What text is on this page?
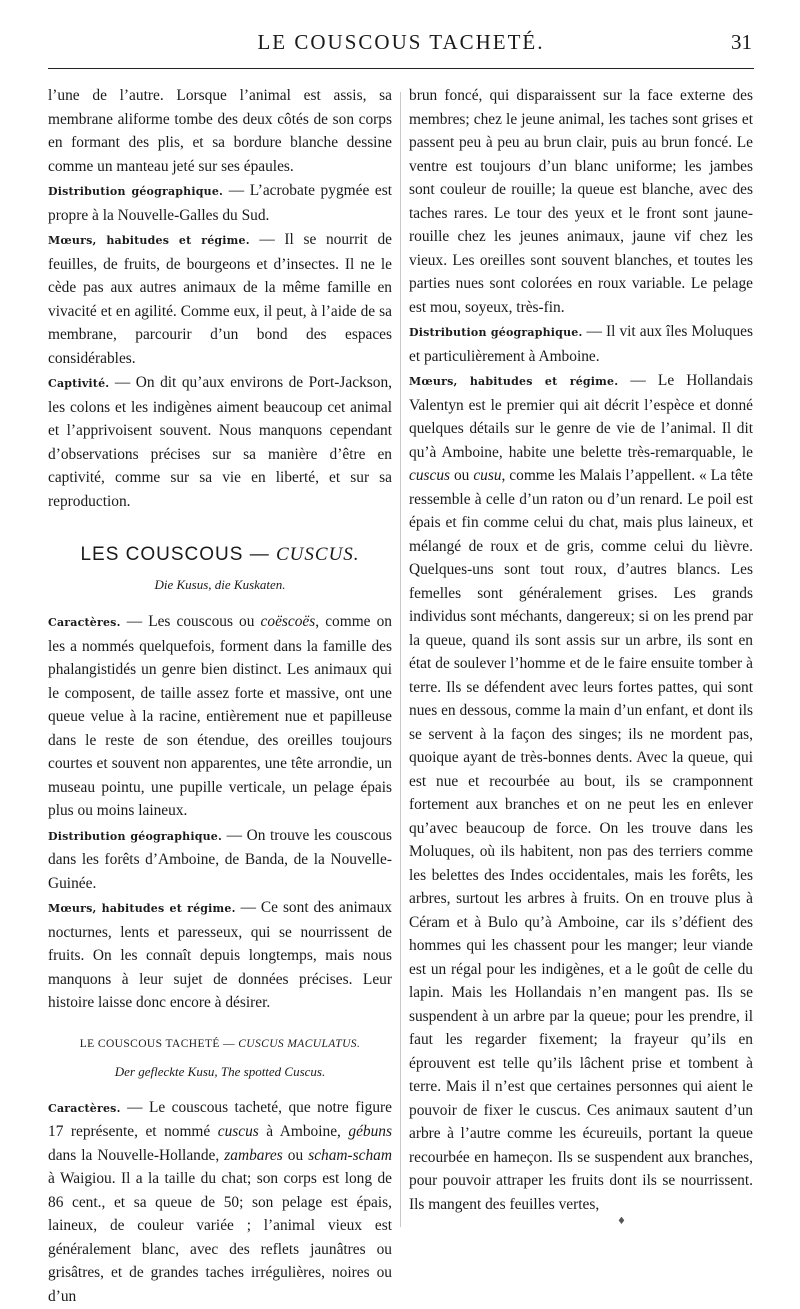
LE COUSCOUS TACHETÉ.	31

l’une de l’autre. Lorsque l’animal est assis, sa membrane aliforme tombe des deux côtés de son corps en formant des plis, et sa bordure blanche dessine comme un manteau jeté sur ses épaules.

Distribution géographique. — L’acrobate pygmée est propre à la Nouvelle-Galles du Sud.

Mœurs, habitudes et régime. — Il se nourrit de feuilles, de fruits, de bourgeons et d’insectes. Il ne le cède pas aux autres animaux de la même famille en vivacité et en agilité. Comme eux, il peut, à l’aide de sa membrane, parcourir d’un bond des espaces considérables.

Captivité. — On dit qu’aux environs de Port-Jackson, les colons et les indigènes aiment beaucoup cet animal et l’apprivoisent souvent. Nous manquons cependant d’observations précises sur sa manière d’être en captivité, comme sur sa vie en liberté, et sur sa reproduction.

LES COUSCOUS — CUSCUS.
Die Kusus, die Kuskaten.

Caractères. — Les couscous ou coëscoës, comme on les a nommés quelquefois, forment dans la famille des phalangistidés un genre bien distinct. Les animaux qui le composent, de taille assez forte et massive, ont une queue velue à la racine, entièrement nue et papilleuse dans le reste de son étendue, des oreilles toujours courtes et souvent non apparentes, une tête arrondie, un museau pointu, une pupille verticale, un pelage épais plus ou moins laineux.

Distribution géographique. — On trouve les couscous dans les forêts d’Amboine, de Banda, de la Nouvelle-Guinée.

Mœurs, habitudes et régime. — Ce sont des animaux nocturnes, lents et paresseux, qui se nourrissent de fruits. On les connaît depuis longtemps, mais nous manquons à leur sujet de données précises. Leur histoire laisse donc encore à désirer.

LE COUSCOUS TACHETÉ — CUSCUS MACULATUS.
Der gefleckte Kusu, The spotted Cuscus.

Caractères. — Le couscous tacheté, que notre figure 17 représente, et nommé cuscus à Amboine, gébuns dans la Nouvelle-Hollande, zambares ou scham-scham à Waigiou. Il a la taille du chat; son corps est long de 86 cent., et sa queue de 50; son pelage est épais, laineux, de couleur variée ; l’animal vieux est généralement blanc, avec des reflets jaunâtres ou grisâtres, et de grandes taches irrégulières, noires ou d’un

brun foncé, qui disparaissent sur la face externe des membres; chez le jeune animal, les taches sont grises et passent peu à peu au brun clair, puis au brun foncé. Le ventre est toujours d’un blanc uniforme; les jambes sont couleur de rouille; la queue est blanche, avec des taches rares. Le tour des yeux et le front sont jaune-rouille chez les jeunes animaux, jaune vif chez les vieux. Les oreilles sont souvent blanches, et toutes les parties nues sont colorées en roux variable. Le pelage est mou, soyeux, très-fin.

Distribution géographique. — Il vit aux îles Moluques et particulièrement à Amboine.

Mœurs, habitudes et régime. — Le Hollandais Valentyn est le premier qui ait décrit l’espèce et donné quelques détails sur le genre de vie de l’animal. Il dit qu’à Amboine, habite une belette très-remarquable, le cuscus ou cusu, comme les Malais l’appellent. « La tête ressemble à celle d’un raton ou d’un renard. Le poil est épais et fin comme celui du chat, mais plus laineux, et mélangé de roux et de gris, comme celui du lièvre. Quelques-uns sont tout roux, d’autres blancs. Les femelles sont généralement grises. Les grands individus sont méchants, dangereux; si on les prend par la queue, quand ils sont assis sur un arbre, ils sont en état de soulever l’homme et de le faire ensuite tomber à terre. Ils se défendent avec leurs fortes pattes, qui sont nues en dessous, comme la main d’un enfant, et dont ils se servent à la façon des singes; ils ne mordent pas, quoique ayant de très-bonnes dents. Avec la queue, qui est nue et recourbée au bout, ils se cramponnent fortement aux branches et on ne peut les en enlever qu’avec beaucoup de force. On les trouve dans les Moluques, où ils habitent, non pas des terriers comme les belettes des Indes occidentales, mais les forêts, les arbres, surtout les arbres à fruits. On en trouve plus à Céram et à Bulo qu’à Amboine, car ils s’défient des hommes qui les chassent pour les manger; leur viande est un régal pour les indigènes, et a le goût de celle du lapin. Mais les Hollandais n’en mangent pas. Ils se suspendent à un arbre par la queue; pour les prendre, il faut les regarder fixement; la frayeur qu’ils en éprouvent est telle qu’ils lâchent prise et tombent à terre. Mais il n’est que certaines personnes qui aient le pouvoir de fixer le cuscus. Ces animaux sautent d’un arbre à l’autre comme les écureuils, portant la queue recourbée en hameçon. Ils se suspendent aux branches, pour pouvoir attraper les fruits dont ils se nourrissent. Ils mangent des feuilles vertes,

♦
